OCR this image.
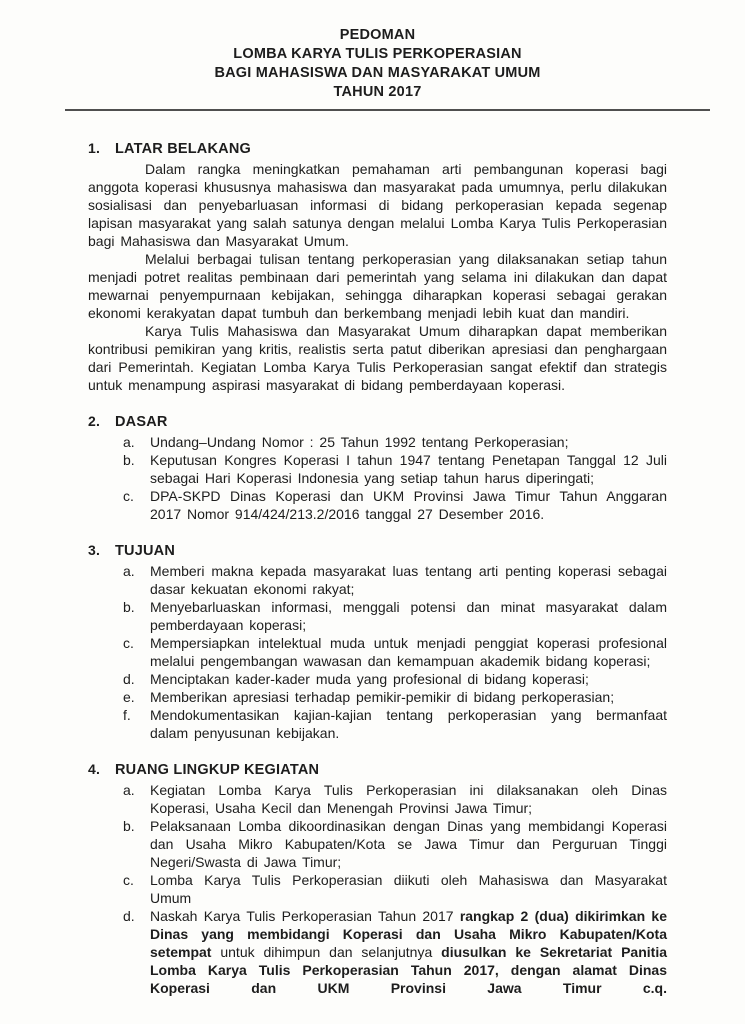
PEDOMAN
LOMBA KARYA TULIS PERKOPERASIAN
BAGI MAHASISWA DAN MASYARAKAT UMUM
TAHUN 2017
1. LATAR BELAKANG

Dalam rangka meningkatkan pemahaman arti pembangunan koperasi bagi anggota koperasi khususnya mahasiswa dan masyarakat pada umumnya, perlu dilakukan sosialisasi dan penyebarluasan informasi di bidang perkoperasian kepada segenap lapisan masyarakat yang salah satunya dengan melalui Lomba Karya Tulis Perkoperasian bagi Mahasiswa dan Masyarakat Umum.

Melalui berbagai tulisan tentang perkoperasian yang dilaksanakan setiap tahun menjadi potret realitas pembinaan dari pemerintah yang selama ini dilakukan dan dapat mewarnai penyempurnaan kebijakan, sehingga diharapkan koperasi sebagai gerakan ekonomi kerakyatan dapat tumbuh dan berkembang menjadi lebih kuat dan mandiri.

Karya Tulis Mahasiswa dan Masyarakat Umum diharapkan dapat memberikan kontribusi pemikiran yang kritis, realistis serta patut diberikan apresiasi dan penghargaan dari Pemerintah. Kegiatan Lomba Karya Tulis Perkoperasian sangat efektif dan strategis untuk menampung aspirasi masyarakat di bidang pemberdayaan koperasi.

2. DASAR
a.	Undang–Undang Nomor : 25 Tahun 1992 tentang Perkoperasian;
b.	Keputusan Kongres Koperasi I tahun 1947 tentang Penetapan Tanggal 12 Juli sebagai Hari Koperasi Indonesia yang setiap tahun harus diperingati;
c.	DPA-SKPD Dinas Koperasi dan UKM Provinsi Jawa Timur Tahun Anggaran 2017 Nomor 914/424/213.2/2016 tanggal 27 Desember 2016.
3. TUJUAN
a.	Memberi makna kepada masyarakat luas tentang arti penting koperasi sebagai dasar kekuatan ekonomi rakyat;
b.	Menyebarluaskan informasi, menggali potensi dan minat masyarakat dalam pemberdayaan koperasi;
c.	Mempersiapkan intelektual muda untuk menjadi penggiat koperasi profesional melalui pengembangan wawasan dan kemampuan akademik bidang koperasi;
d.	Menciptakan kader-kader muda yang profesional di bidang koperasi;
e.	Memberikan apresiasi terhadap pemikir-pemikir di bidang perkoperasian;
f.	Mendokumentasikan kajian-kajian tentang perkoperasian yang bermanfaat dalam penyusunan kebijakan.
4. RUANG LINGKUP KEGIATAN
a.	Kegiatan Lomba Karya Tulis Perkoperasian ini dilaksanakan oleh Dinas Koperasi, Usaha Kecil dan Menengah Provinsi Jawa Timur;
b.	Pelaksanaan Lomba dikoordinasikan dengan Dinas yang membidangi Koperasi dan Usaha Mikro Kabupaten/Kota se Jawa Timur dan Perguruan Tinggi Negeri/Swasta di Jawa Timur;
c.	Lomba Karya Tulis Perkoperasian diikuti oleh Mahasiswa dan Masyarakat Umum
d.	Naskah Karya Tulis Perkoperasian Tahun 2017 rangkap 2 (dua) dikirimkan ke Dinas yang membidangi Koperasi dan Usaha Mikro Kabupaten/Kota setempat untuk dihimpun dan selanjutnya diusulkan ke Sekretariat Panitia Lomba Karya Tulis Perkoperasian Tahun 2017, dengan alamat Dinas Koperasi dan UKM Provinsi Jawa Timur c.q.
